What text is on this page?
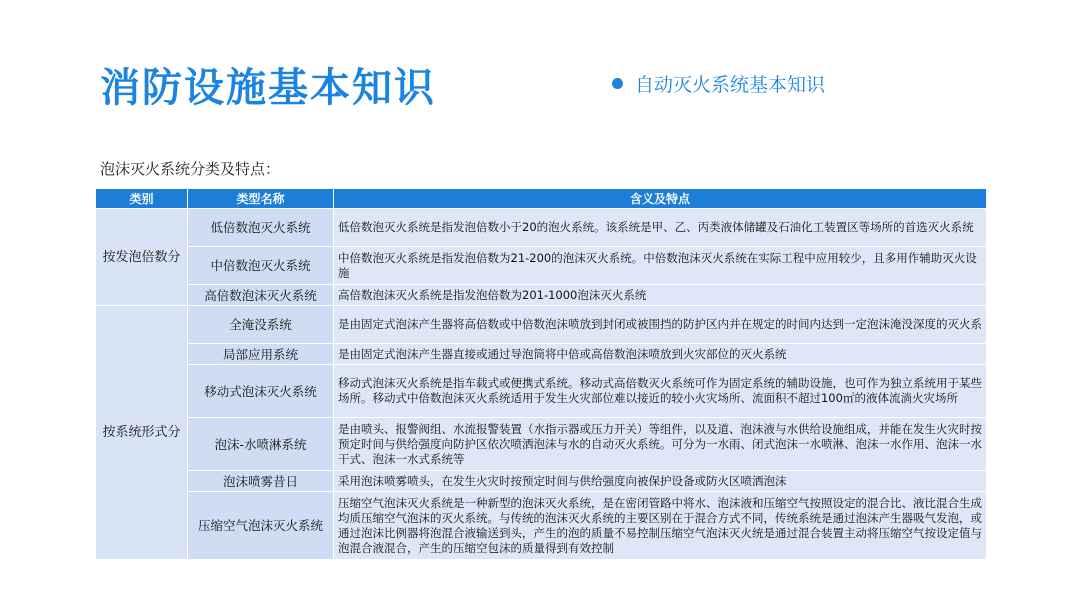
消防设施基本知识	自动灭火系统基本知识
泡沫灭火系统分类及特点：
类别	类型名称	含义及特点
按发泡倍数分	低倍数泡灭火系统	低倍数泡灭火系统是指发泡倍数小于20的泡火系统。该系统是甲、乙、丙类液体储罐及石油化工装置区等场所的首选灭火系统
	中倍数泡灭火系统	中倍数泡灭火系统是指发泡倍数为21-200的泡沫灭火系统。中倍数泡沫灭火系统在实际工程中应用较少，且多用作辅助灭火设施
	高倍数泡沫灭火系统	高倍数泡沫灭火系统是指发泡倍数为201-1000泡沫灭火系统
按系统形式分	全淹没系统	是由固定式泡沫产生器将高倍数或中倍数泡沫喷放到封闭或被围挡的防护区内并在规定的时间内达到一定泡沫淹没深度的灭火系
	局部应用系统	是由固定式泡沫产生器直接或通过导泡筒将中倍或高倍数泡沫喷放到火灾部位的灭火系统
	移动式泡沫灭火系统	移动式泡沫灭火系统是指车载式或便携式系统。移动式高倍数灭火系统可作为固定系统的辅助设施，也可作为独立系统用于某些场所。移动式中倍数泡沫灭火系统适用于发生火灾部位难以接近的较小火灾场所、流面积不超过100㎡的液体流淌火灾场所
	泡沫-水喷淋系统	是由喷头、报警阀组、水流报警装置（水指示器或压力开关）等组件，以及道、泡沫液与水供给设施组成，并能在发生火灾时按预定时间与供给强度向防护区依次喷洒泡沫与水的自动灭火系统。可分为一水雨、闭式泡沫一水喷淋、泡沫一水作用、泡沫一水干式、泡沫一水式系统等
	泡沫喷雾昔日	采用泡沫喷雾喷头，在发生火灾时按预定时间与供给强度向被保护设备或防火区喷洒泡沫
	压缩空气泡沫灭火系统	压缩空气泡沫灭火系统是一种新型的泡沫灭火系统，是在密闭管路中将水、泡沫液和压缩空气按照设定的混合比、液比混合生成均质压缩空气泡沫的灭火系统。与传统的泡沫灭火系统的主要区别在于混合方式不同，传统系统是通过泡沫产生器吸气发泡，或通过泡沫比例器将泡混合液输送到头，产生的泡的质量不易控制压缩空气泡沫灭火统是通过混合装置主动将压缩空气按设定值与泡混合液混合，产生的压缩空包沫的质量得到有效控制
